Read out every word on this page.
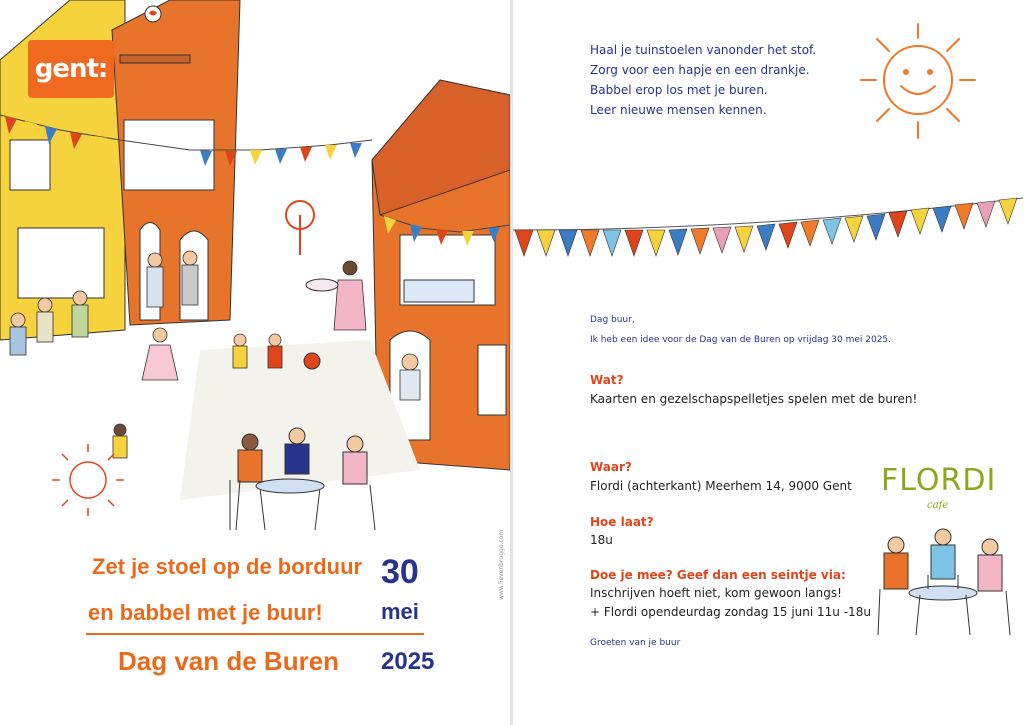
gent:
Zet je stoel op de borduur
en babbel met je buur!
Dag van de Buren
30
mei
2025
www.lievenbrugge.com
Haal je tuinstoelen vanonder het stof.
Zorg voor een hapje en een drankje.
Babbel erop los met je buren.
Leer nieuwe mensen kennen.
Dag buur,
Ik heb een idee voor de Dag van de Buren op vrijdag 30 mei 2025.
Wat?
Kaarten en gezelschapspelletjes spelen met de buren!
Waar?
Flordi (achterkant) Meerhem 14, 9000 Gent
Hoe laat?
18u
Doe je mee? Geef dan een seintje via:
Inschrijven hoeft niet, kom gewoon langs!
+ Flordi opendeurdag zondag 15 juni 11u -18u
Groeten van je buur
FLORDI
cafe
